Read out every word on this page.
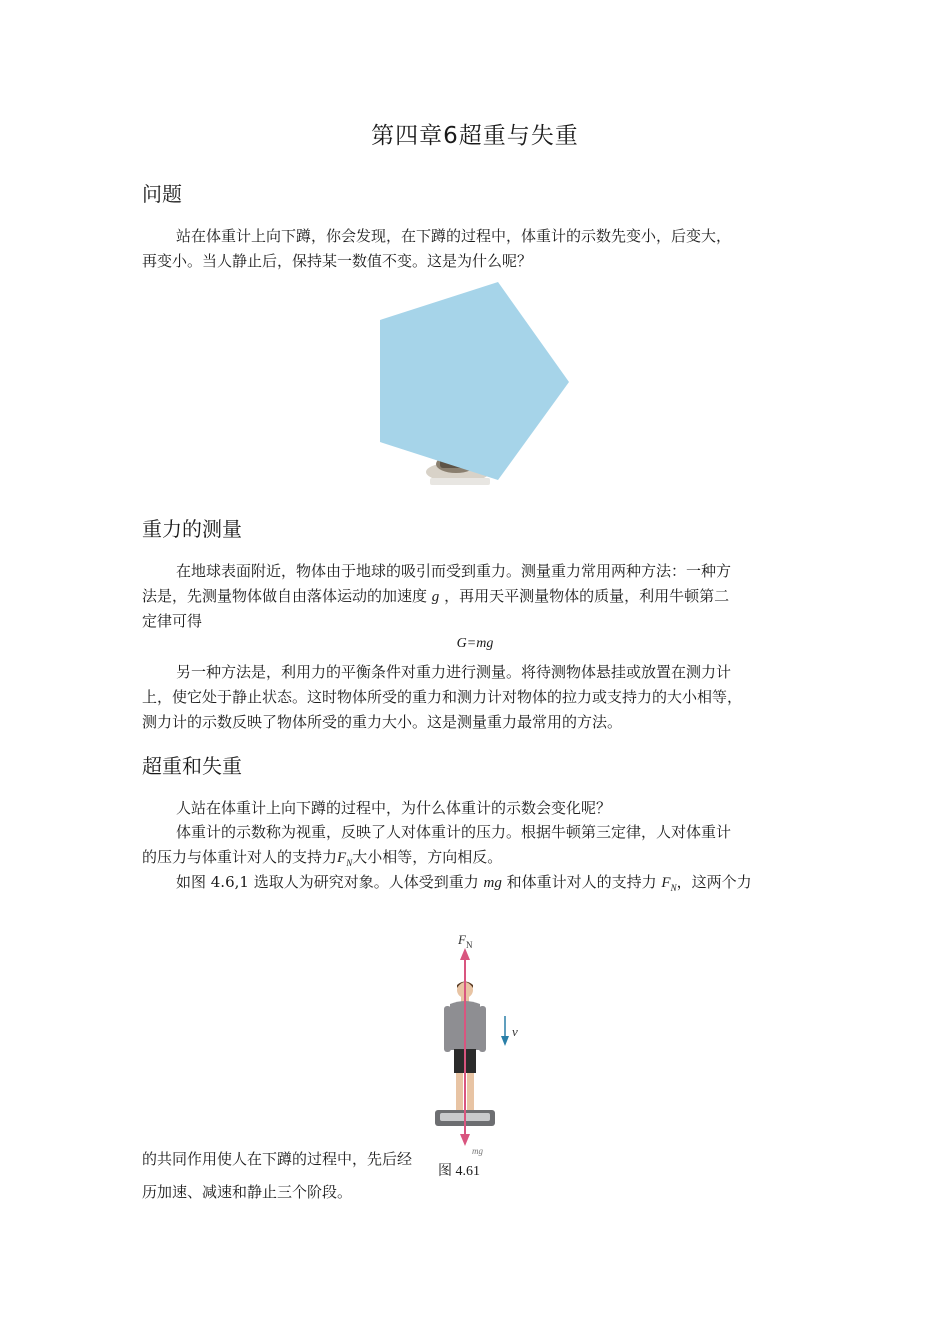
第四章6超重与失重
问题
站在体重计上向下蹲，你会发现，在下蹲的过程中，体重计的示数先变小，后变大，
再变小。当人静止后，保持某一数值不变。这是为什么呢？
重力的测量
在地球表面附近，物体由于地球的吸引而受到重力。测量重力常用两种方法：一种方
法是，先测量物体做自由落体运动的加速度 g ，再用天平测量物体的质量，利用牛顿第二
定律可得
G=mg
另一种方法是，利用力的平衡条件对重力进行测量。将待测物体悬挂或放置在测力计
上，使它处于静止状态。这时物体所受的重力和测力计对物体的拉力或支持力的大小相等，
测力计的示数反映了物体所受的重力大小。这是测量重力最常用的方法。
超重和失重
人站在体重计上向下蹲的过程中，为什么体重计的示数会变化呢？
体重计的示数称为视重，反映了人对体重计的压力。根据牛顿第三定律，人对体重计
的压力与体重计对人的支持力$F_N$大小相等，方向相反。
如图 4.6,1 选取人为研究对象。人体受到重力 mg 和体重计对人的支持力 $F_N$，这两个力
$F_N$
v
mg
的共同作用使人在下蹲的过程中，先后经
图 4.61
历加速、减速和静止三个阶段。
